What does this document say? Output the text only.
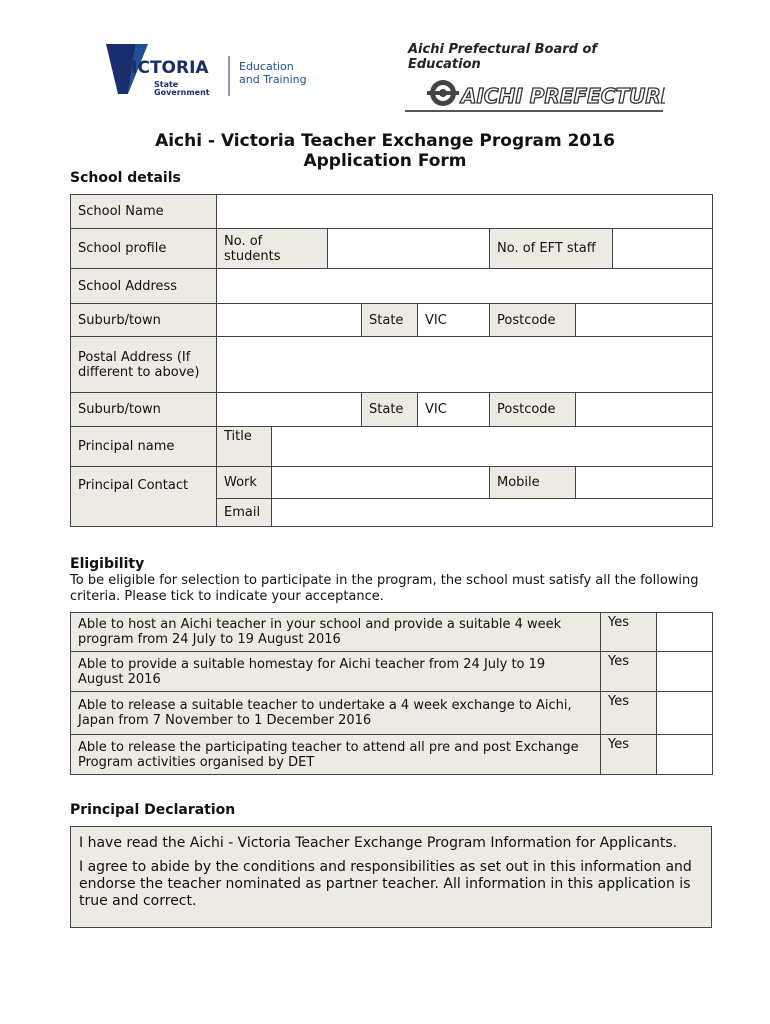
VICTORIA
State
Government
Education
and Training
Aichi Prefectural Board of
Education
AICHI PREFECTURE
Aichi - Victoria Teacher Exchange Program 2016
Application Form
School details
School Name								
School profile	No. of students					No. of EFT staff		
School Address								
Suburb/town				State	VIC	Postcode		
Postal Address (If different to above)								
Suburb/town				State	VIC	Postcode		
Principal name	Title							
Principal Contact	Work					Mobile		
	Email							
Eligibility
To be eligible for selection to participate in the program, the school must satisfy all the following criteria. Please tick to indicate your acceptance.
Able to host an Aichi teacher in your school and provide a suitable 4 week program from 24 July to 19 August 2016	Yes	
Able to provide a suitable homestay for Aichi teacher from 24 July to 19 August 2016	Yes	
Able to release a suitable teacher to undertake a 4 week exchange to Aichi, Japan from 7 November to 1 December 2016	Yes	
Able to release the participating teacher to attend all pre and post Exchange Program activities organised by DET	Yes	
Principal Declaration

I have read the Aichi - Victoria Teacher Exchange Program Information for Applicants.

I agree to abide by the conditions and responsibilities as set out in this information and endorse the teacher nominated as partner teacher. All information in this application is true and correct.
